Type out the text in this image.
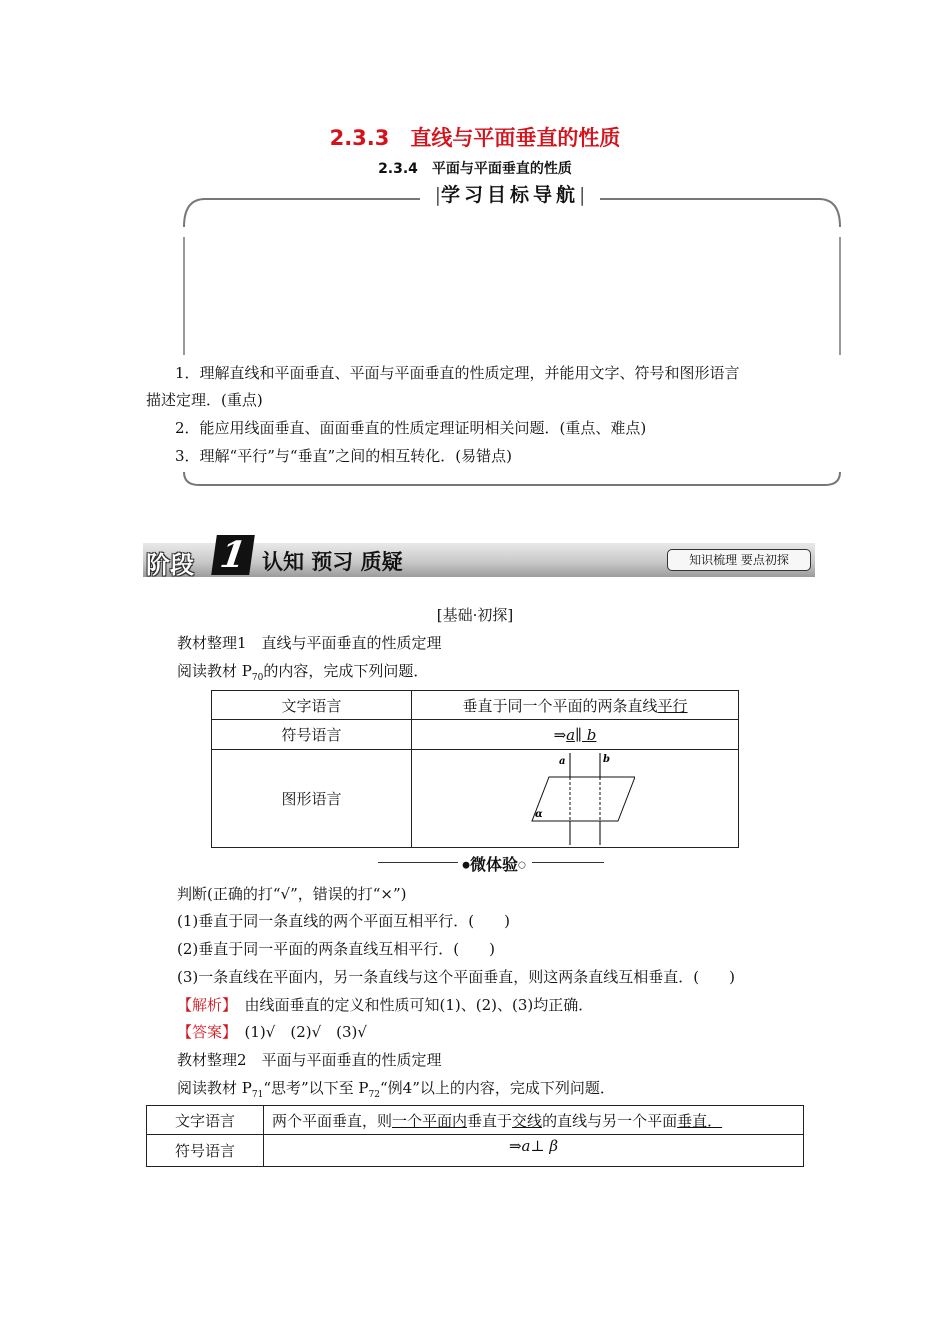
2.3.3　直线与平面垂直的性质
2.3.4　平面与平面垂直的性质
|学习目标导航|
1．理解直线和平面垂直、平面与平面垂直的性质定理，并能用文字、符号和图形语言
描述定理．(重点)
2．能应用线面垂直、面面垂直的性质定理证明相关问题．(重点、难点)
3．理解“平行”与“垂直”之间的相互转化．(易错点)
阶段 1 认知 预习 质疑	知识梳理 要点初探
[基础·初探]
教材整理1　直线与平面垂直的性质定理
阅读教材 $P_{70}$的内容，完成下列问题．
文字语言	垂直于同一个平面的两条直线平行
符号语言	⇒a∥ b
图形语言	a b
α
●微体验○
判断(正确的打“√”，错误的打“×”)
(1)垂直于同一条直线的两个平面互相平行．(　　)
(2)垂直于同一平面的两条直线互相平行．(　　)
(3)一条直线在平面内，另一条直线与这个平面垂直，则这两条直线互相垂直．(　　)
【解析】　 由线面垂直的定义和性质可知(1)、(2)、(3)均正确．
【答案】　 (1)√　(2)√　(3)√
教材整理2　平面与平面垂直的性质定理
阅读教材 $P_{71}“$思考”以下至 $P_{72}“$例4”以上的内容，完成下列问题．
文字语言	两个平面垂直，则一个平面内垂直于交线的直线与另一个平面垂直．
符号语言	⇒a⊥ β
